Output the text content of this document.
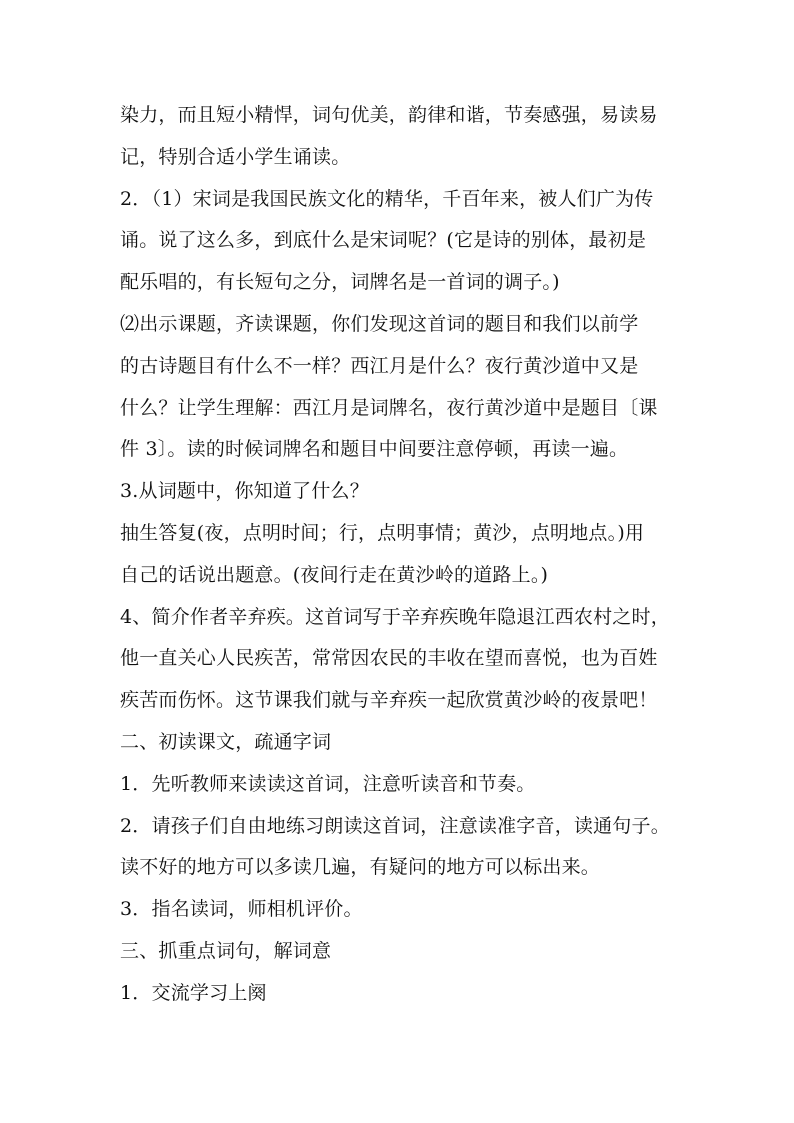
染力，而且短小精悍，词句优美，韵律和谐，节奏感强，易读易
记，特别合适小学生诵读。
2．（1）宋词是我国民族文化的精华，千百年来，被人们广为传
诵。说了这么多，到底什么是宋词呢？(它是诗的别体，最初是
配乐唱的，有长短句之分，词牌名是一首词的调子。)
⑵出示课题，齐读课题，你们发现这首词的题目和我们以前学
的古诗题目有什么不一样？西江月是什么？夜行黄沙道中又是
什么？让学生理解：西江月是词牌名，夜行黄沙道中是题目〔课
件 3〕。读的时候词牌名和题目中间要注意停顿，再读一遍。
3.从词题中，你知道了什么？
抽生答复(夜，点明时间；行，点明事情；黄沙，点明地点。)用
自己的话说出题意。(夜间行走在黄沙岭的道路上。)
4、简介作者辛弃疾。这首词写于辛弃疾晚年隐退江西农村之时，
他一直关心人民疾苦，常常因农民的丰收在望而喜悦，也为百姓
疾苦而伤怀。这节课我们就与辛弃疾一起欣赏黄沙岭的夜景吧！
二、初读课文，疏通字词
1．先听教师来读读这首词，注意听读音和节奏。
2．请孩子们自由地练习朗读这首词，注意读准字音，读通句子。
读不好的地方可以多读几遍，有疑问的地方可以标出来。
3．指名读词，师相机评价。
三、抓重点词句，解词意
1．交流学习上阕
